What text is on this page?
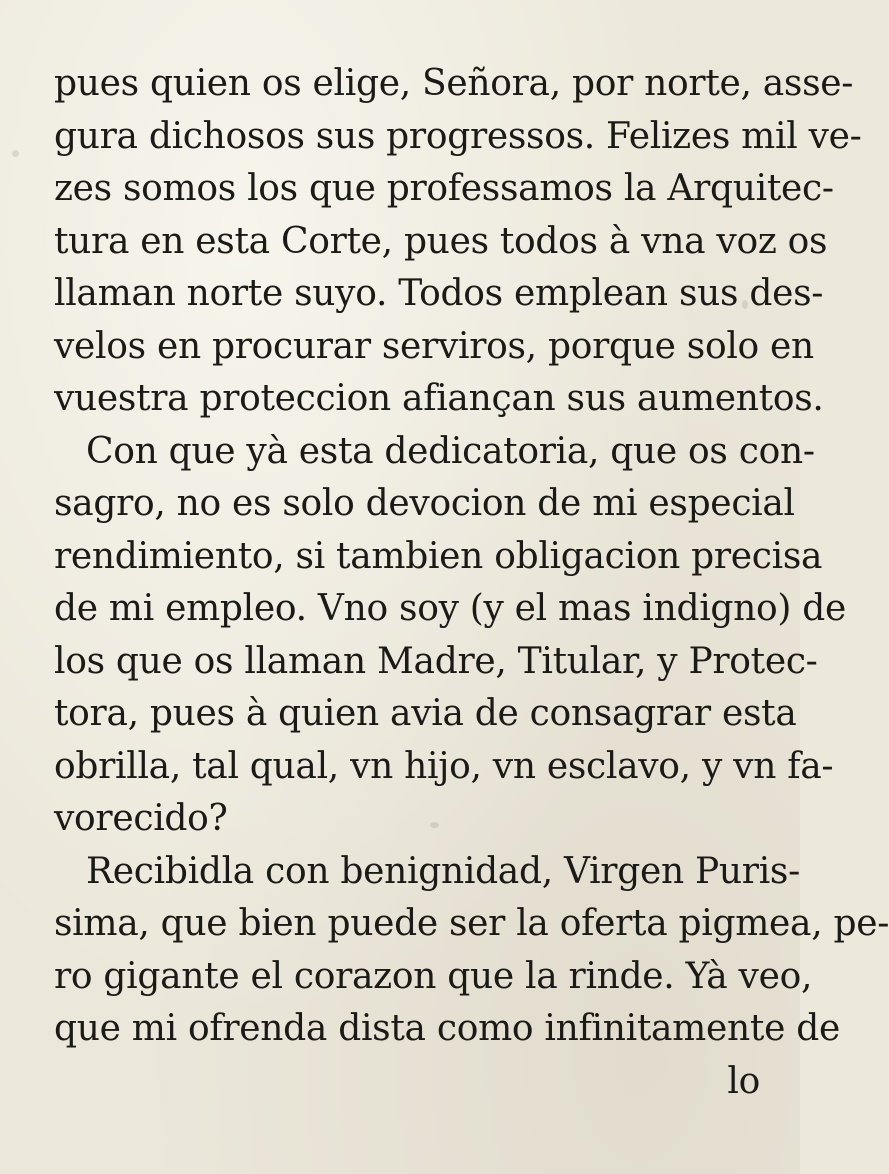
pues quien os elige, Señora, por norte, asse-
gura dichosos sus progressos. Felizes mil ve-
zes somos los que professamos la Arquitec-
tura en esta Corte, pues todos à vna voz os
llaman norte suyo. Todos emplean sus des-
velos en procurar serviros, porque solo en
vuestra proteccion afiançan sus aumentos.
Con que yà esta dedicatoria, que os con-
sagro, no es solo devocion de mi especial
rendimiento, si tambien obligacion precisa
de mi empleo. Vno soy (y el mas indigno) de
los que os llaman Madre, Titular, y Protec-
tora, pues à quien avia de consagrar esta
obrilla, tal qual, vn hijo, vn esclavo, y vn fa-
vorecido?
Recibidla con benignidad, Virgen Puris-
sima, que bien puede ser la oferta pigmea, pe-
ro gigante el corazon que la rinde. Yà veo,
que mi ofrenda dista como infinitamente de
lo
